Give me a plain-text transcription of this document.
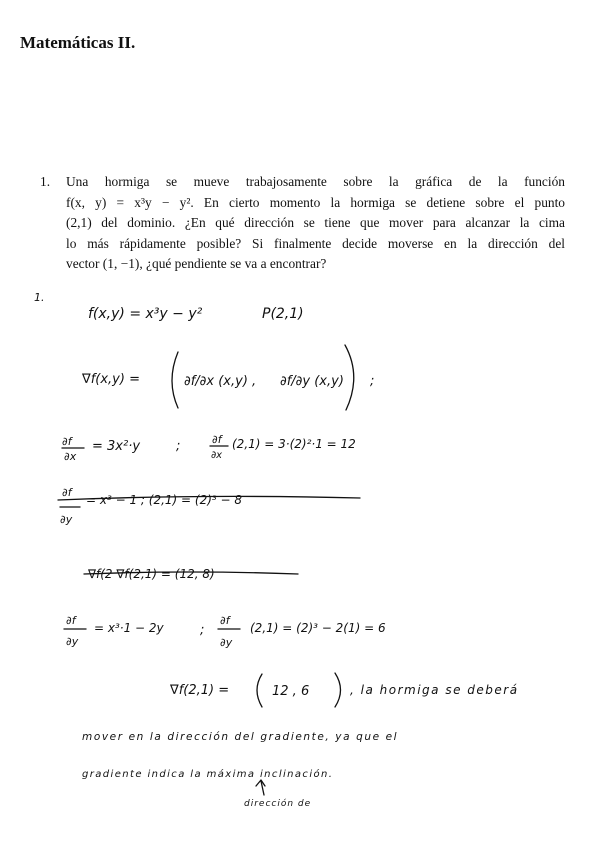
Matemáticas II.
1. Una hormiga se mueve trabajosamente sobre la gráfica de la función
f(x, y) = x³y − y². En cierto momento la hormiga se detiene sobre el punto
(2,1) del dominio. ¿En qué dirección se tiene que mover para alcanzar la cima
lo más rápidamente posible? Si finalmente decide moverse en la dirección del
vector (1, −1), ¿qué pendiente se va a encontrar?
1.
f(x,y) = x³y − y²	P(2,1)
∇f(x,y) =	∂f/∂x (x,y) , ∂f/∂y (x,y) ;
∂f
∂x
= 3x²·y	;	∂f
∂x
(2,1) = 3·(2)²·1 = 12
∂f
∂y
= x³ − 1 ; (2,1) = (2)³ − 8
∇f(2 ∇f(2,1) = (12, 8)
∂f
∂y
= x³·1 − 2y	;
∂f
∂y
(2,1) = (2)³ − 2(1) = 6
∇f(2,1) =	12 , 6	, la hormiga se deberá
mover en la dirección del gradiente, ya que el
gradiente indica la máxima inclinación.
dirección de
